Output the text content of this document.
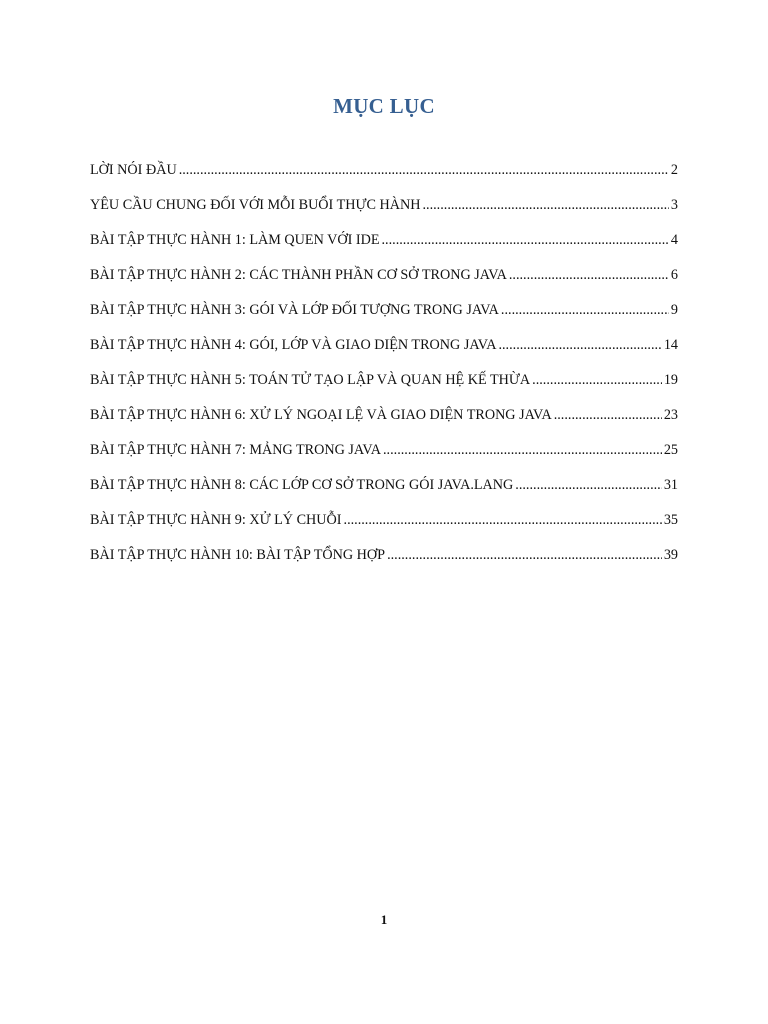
MỤC LỤC
LỜI NÓI ĐẦU .....	2
YÊU CẦU CHUNG ĐỐI VỚI MỖI BUỔI THỰC HÀNH .....	3
BÀI TẬP THỰC HÀNH 1: LÀM QUEN VỚI IDE .....	4
BÀI TẬP THỰC HÀNH 2: CÁC THÀNH PHẦN CƠ SỞ TRONG JAVA .....	6
BÀI TẬP THỰC HÀNH 3: GÓI VÀ LỚP ĐỐI TƯỢNG TRONG JAVA .....	9
BÀI TẬP THỰC HÀNH 4: GÓI, LỚP VÀ GIAO DIỆN TRONG JAVA .....	14
BÀI TẬP THỰC HÀNH 5: TOÁN TỬ TẠO LẬP VÀ QUAN HỆ KẾ THỪA .....	19
BÀI TẬP THỰC HÀNH 6: XỬ LÝ NGOẠI LỆ VÀ GIAO DIỆN TRONG JAVA .....	23
BÀI TẬP THỰC HÀNH 7: MẢNG TRONG JAVA .....	25
BÀI TẬP THỰC HÀNH 8: CÁC LỚP CƠ SỞ TRONG GÓI JAVA.LANG .....	31
BÀI TẬP THỰC HÀNH 9: XỬ LÝ CHUỖI .....	35
BÀI TẬP THỰC HÀNH 10: BÀI TẬP TỔNG HỢP .....	39
1
